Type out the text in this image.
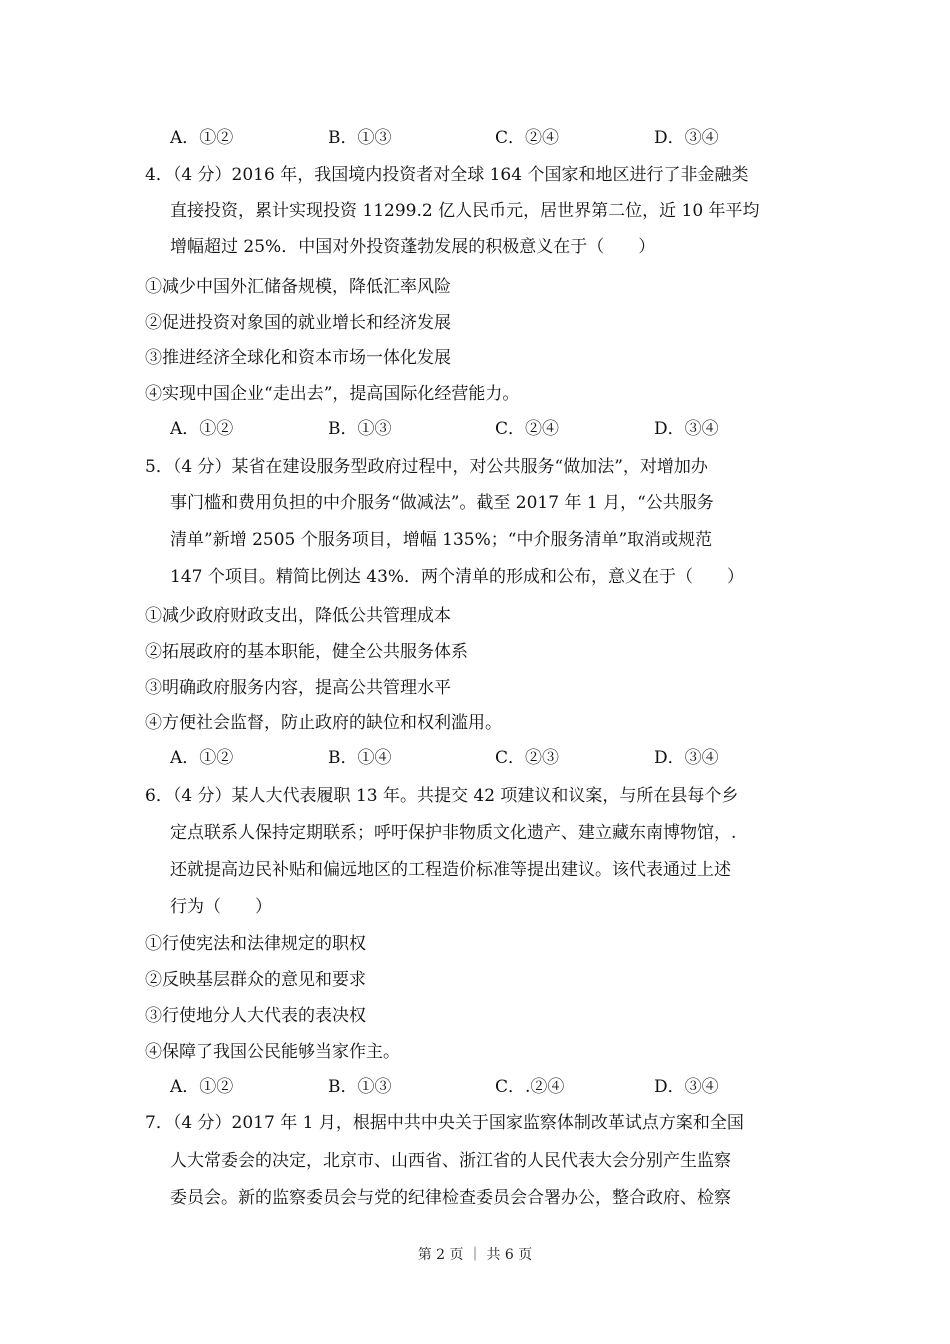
A．①②	B．①③	C．②④	D．③④
4．（4 分）2016 年，我国境内投资者对全球 164 个国家和地区进行了非金融类
直接投资，累计实现投资 11299.2 亿人民币元，居世界第二位，近 10 年平均
增幅超过 25%．中国对外投资蓬勃发展的积极意义在于（　　）
①减少中国外汇储备规模，降低汇率风险
②促进投资对象国的就业增长和经济发展
③推进经济全球化和资本市场一体化发展
④实现中国企业“走出去”，提高国际化经营能力。
A．①②	B．①③	C．②④	D．③④
5．（4 分）某省在建设服务型政府过程中，对公共服务“做加法”，对增加办
事门槛和费用负担的中介服务“做减法”。截至 2017 年 1 月，“公共服务
清单”新增 2505 个服务项目，增幅 135%；“中介服务清单”取消或规范
147 个项目。精简比例达 43%．两个清单的形成和公布，意义在于（　　）
①减少政府财政支出，降低公共管理成本
②拓展政府的基本职能，健全公共服务体系
③明确政府服务内容，提高公共管理水平
④方便社会监督，防止政府的缺位和权利滥用。
A．①②	B．①④	C．②③	D．③④
6．（4 分）某人大代表履职 13 年。共提交 42 项建议和议案，与所在县每个乡
定点联系人保持定期联系；呼吁保护非物质文化遗产、建立藏东南博物馆，.
还就提高边民补贴和偏远地区的工程造价标准等提出建议。该代表通过上述
行为（　　）
①行使宪法和法律规定的职权
②反映基层群众的意见和要求
③行使地分人大代表的表决权
④保障了我国公民能够当家作主。
A．①②	B．①③	C．.②④	D．③④
7．（4 分）2017 年 1 月，根据中共中央关于国家监察体制改革试点方案和全国
人大常委会的决定，北京市、山西省、浙江省的人民代表大会分别产生监察
委员会。新的监察委员会与党的纪律检查委员会合署办公，整合政府、检察
第 2 页 ｜ 共 6 页
